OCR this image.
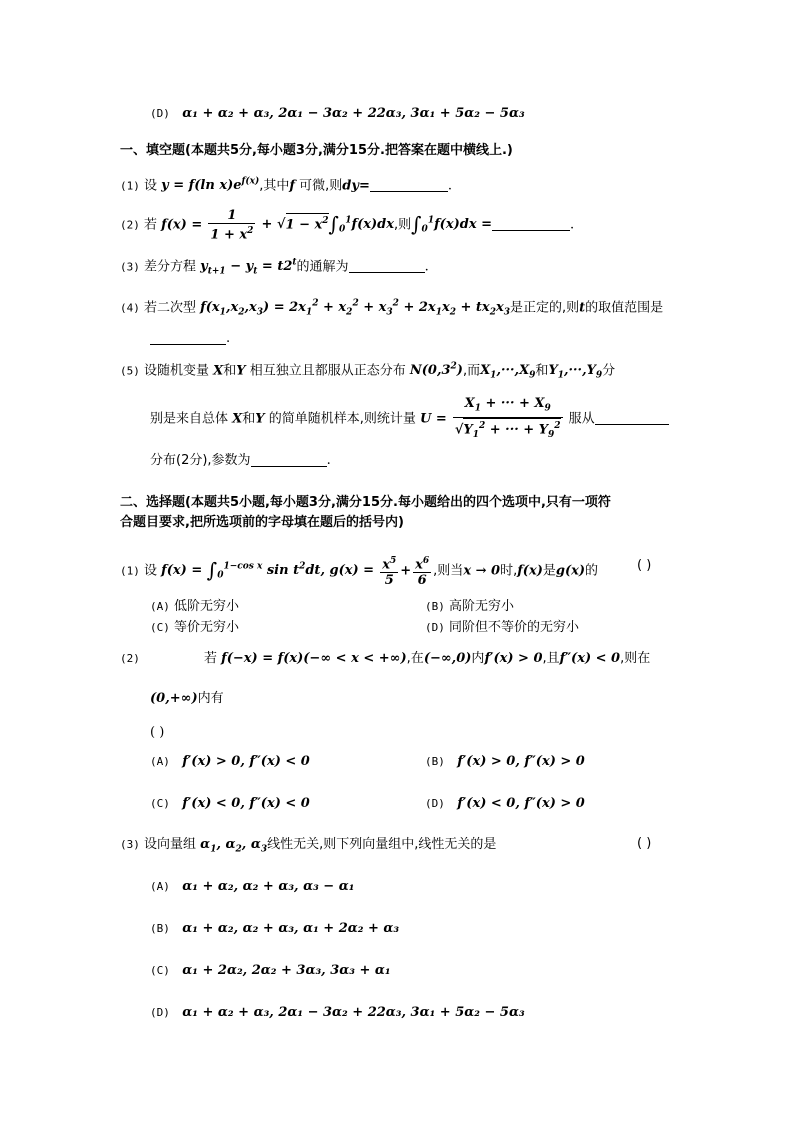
(D) α₁ + α₂ + α₃, 2α₁ − 3α₂ + 22α₃, 3α₁ + 5α₂ − 5α₃
一、填空题(本题共5分,每小题3分,满分15分.把答案在题中横线上.)
(1) 设 y = f(ln $x)e^{f(x)}$,其中f 可微,则dy=	.
(2) 若 $f(x) = \frac{1}{1 + x^2} + √1 - x^2\int_0^1f(x)dx$,则$\int_0^1f(x)dx$ =	.
(3) 差分方程 $y_{t+1} - y_t = t2^t$的通解为	.
(4) 若二次型 $f(x_1,x_2,x_3) = 2x_1^2 + x_2^2 + x_3^2 + 2x_1x_2 + tx_2x_3$是正定的,则t的取值范围是
.
(5) 设随机变量 X和Y 相互独立且都服从正态分布 $N(0,3^2)$,而$X_1,\cdot\cdot\cdot,X_9$和$Y_1,\cdot\cdot\cdot,Y_9$分
别是来自总体 X和Y 的简单随机样本,则统计量 $U = \frac{X_1 + \cdot\cdot\cdot + X_9}{√Y_1^2 + \cdot\cdot\cdot + Y_9^2}$ 服从
分布(2分),参数为	.
二、选择题(本题共5小题,每小题3分,满分15分.每小题给出的四个选项中,只有一项符
合题目要求,把所选项前的字母填在题后的括号内)
(1) 设 $f(x) = \int_0^{1-cos x}$ $\sin t^2dt$, $g(x) = \frac{x^5}{5} + \frac{x^6}{6}$ ,则当x → 0时,f(x)是g(x)的	( )
(A) 低阶无穷小	(B) 高阶无穷小
(C) 等价无穷小	(D) 同阶但不等价的无穷小
(2)	若 f(−x) = f(x)(−∞ < x < +∞),在(−∞,0)内f′(x) > 0,且f″(x) < 0,则在
(0,+∞)内有
( )
(A) f′(x) > 0, f″(x) < 0	(B) f′(x) > 0, f″(x) > 0
(C) f′(x) < 0, f″(x) < 0	(D) f′(x) < 0, f″(x) > 0
(3) 设向量组 $\alpha_1$, $\alpha_2$, $\alpha_3$线性无关,则下列向量组中,线性无关的是	( )
(A) α₁ + α₂, α₂ + α₃, α₃ − α₁
(B) α₁ + α₂, α₂ + α₃, α₁ + 2α₂ + α₃
(C) α₁ + 2α₂, 2α₂ + 3α₃, 3α₃ + α₁
(D) α₁ + α₂ + α₃, 2α₁ − 3α₂ + 22α₃, 3α₁ + 5α₂ − 5α₃
